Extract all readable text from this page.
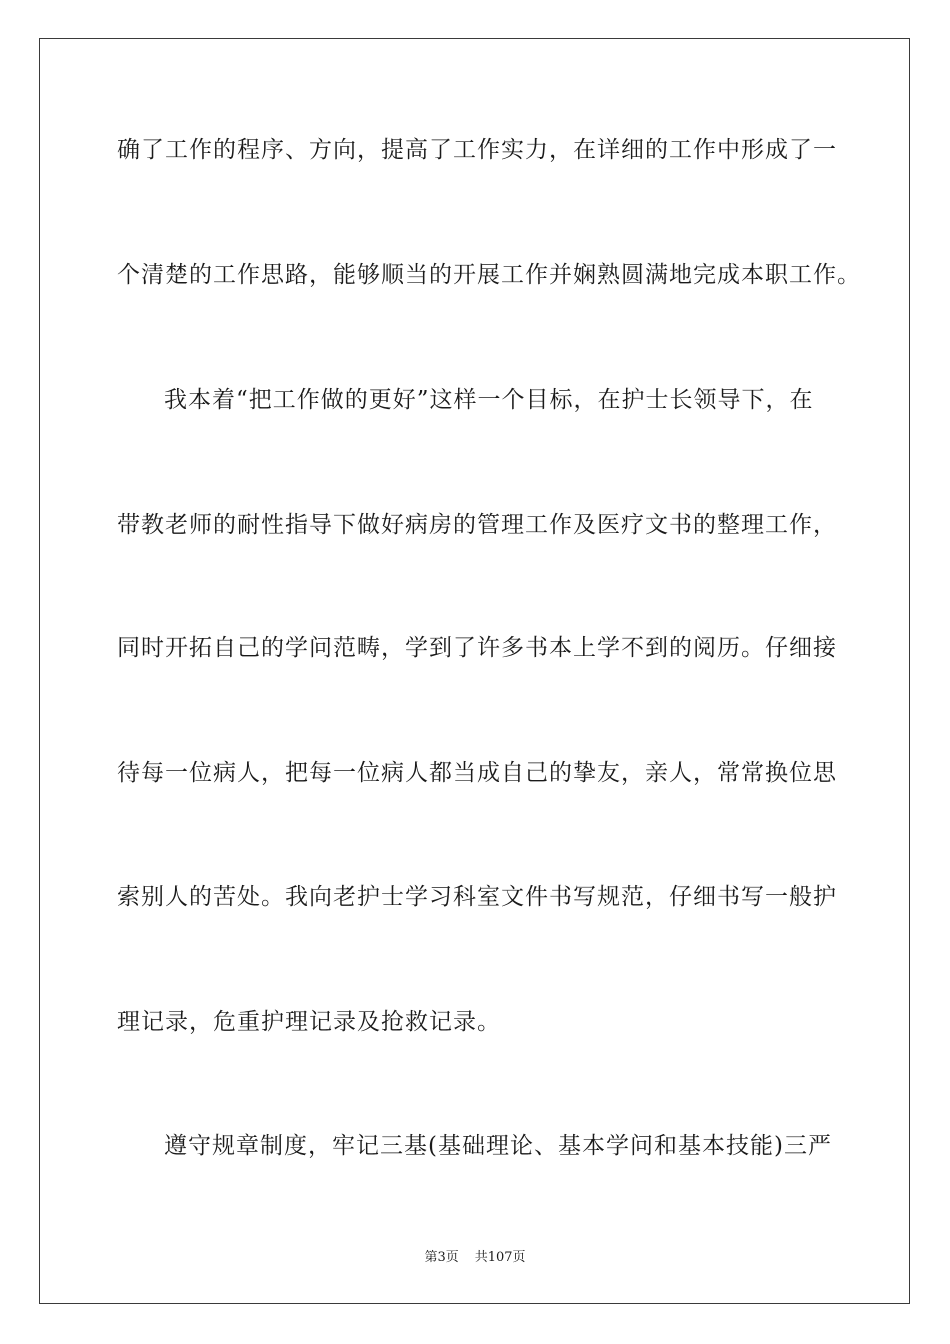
确了工作的程序、方向，提高了工作实力，在详细的工作中形成了一
个清楚的工作思路，能够顺当的开展工作并娴熟圆满地完成本职工作。
我本着“把工作做的更好”这样一个目标，在护士长领导下，在
带教老师的耐性指导下做好病房的管理工作及医疗文书的整理工作，
同时开拓自己的学问范畴，学到了许多书本上学不到的阅历。仔细接
待每一位病人，把每一位病人都当成自己的挚友，亲人，常常换位思
索别人的苦处。我向老护士学习科室文件书写规范，仔细书写一般护
理记录，危重护理记录及抢救记录。
遵守规章制度，牢记三基(基础理论、基本学问和基本技能)三严
第3页 共107页
